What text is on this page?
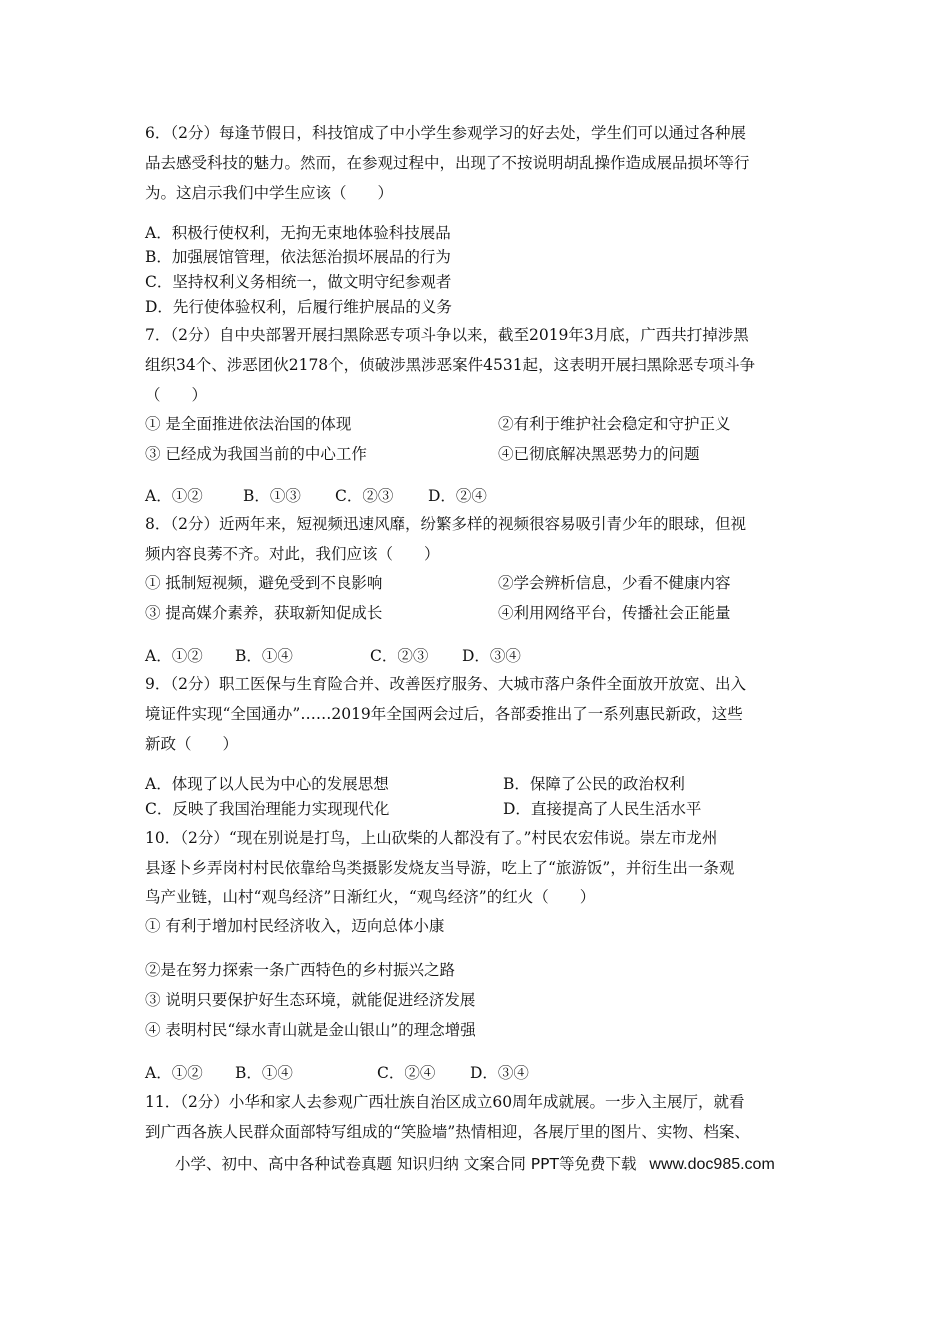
6．（2分）每逢节假日，科技馆成了中小学生参观学习的好去处，学生们可以通过各种展
品去感受科技的魅力。然而，在参观过程中，出现了不按说明胡乱操作造成展品损坏等行
为。这启示我们中学生应该（　　）
A．积极行使权利，无拘无束地体验科技展品
B．加强展馆管理，依法惩治损坏展品的行为
C．坚持权利义务相统一，做文明守纪参观者
D．先行使体验权利，后履行维护展品的义务
7．（2分）自中央部署开展扫黑除恶专项斗争以来，截至2019年3月底，广西共打掉涉黑
组织34个、涉恶团伙2178个，侦破涉黑涉恶案件4531起，这表明开展扫黑除恶专项斗争
（　　）
① 是全面推进依法治国的体现	②有利于维护社会稳定和守护正义
③ 已经成为我国当前的中心工作	④已彻底解决黑恶势力的问题
A．①②	B．①③ C．②③ D．②④
8．（2分）近两年来，短视频迅速风靡，纷繁多样的视频很容易吸引青少年的眼球，但视
频内容良莠不齐。对此，我们应该（　　）
① 抵制短视频，避免受到不良影响	②学会辨析信息，少看不健康内容
③ 提高媒介素养，获取新知促成长	④利用网络平台，传播社会正能量
A．①② B．①④	C．②③ D．③④
9．（2分）职工医保与生育险合并、改善医疗服务、大城市落户条件全面放开放宽、出入
境证件实现“全国通办”……2019年全国两会过后，各部委推出了一系列惠民新政，这些
新政（　　）
A．体现了以人民为中心的发展思想	B．保障了公民的政治权利
C．反映了我国治理能力实现现代化	D．直接提高了人民生活水平
10．（2分）“现在别说是打鸟，上山砍柴的人都没有了。”村民农宏伟说。崇左市龙州
县逐卜乡弄岗村村民依靠给鸟类摄影发烧友当导游，吃上了“旅游饭”，并衍生出一条观
鸟产业链，山村“观鸟经济”日渐红火，“观鸟经济”的红火（　　）
① 有利于增加村民经济收入，迈向总体小康
②是在努力探索一条广西特色的乡村振兴之路
③ 说明只要保护好生态环境，就能促进经济发展
④ 表明村民“绿水青山就是金山银山”的理念增强
A．①② B．①④	C．②④ D．③④
11．（2分）小华和家人去参观广西壮族自治区成立60周年成就展。一步入主展厅，就看
到广西各族人民群众面部特写组成的“笑脸墙”热情相迎，各展厅里的图片、实物、档案、
小学、初中、高中各种试卷真题 知识归纳 文案合同 PPT等免费下载 www.doc985.com
